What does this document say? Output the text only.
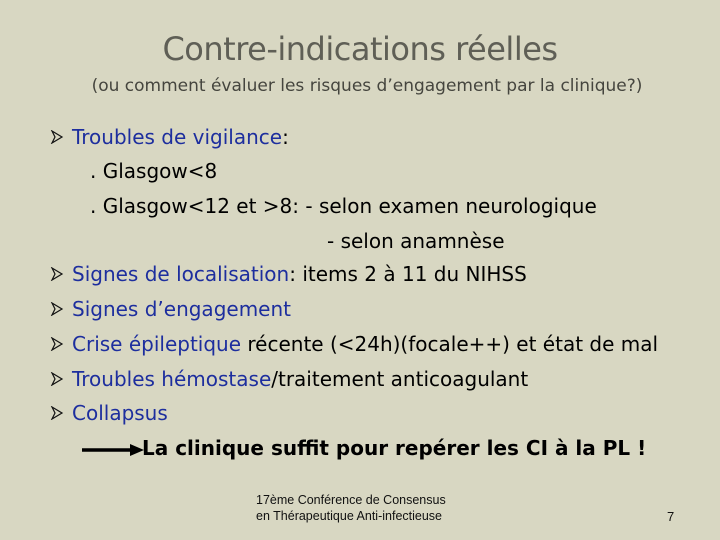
Contre-indications réelles
(ou comment évaluer les risques d’engagement par la clinique?)
Troubles de vigilance:
. Glasgow<8
. Glasgow<12 et >8: - selon examen neurologique
- selon anamnèse
Signes de localisation: items 2 à 11 du NIHSS
Signes d’engagement
Crise épileptique récente (<24h)(focale++) et état de mal
Troubles hémostase/traitement anticoagulant
Collapsus
La clinique suffit pour repérer les CI à la PL !
17ème Conférence de Consensus
en Thérapeutique Anti-infectieuse	7
